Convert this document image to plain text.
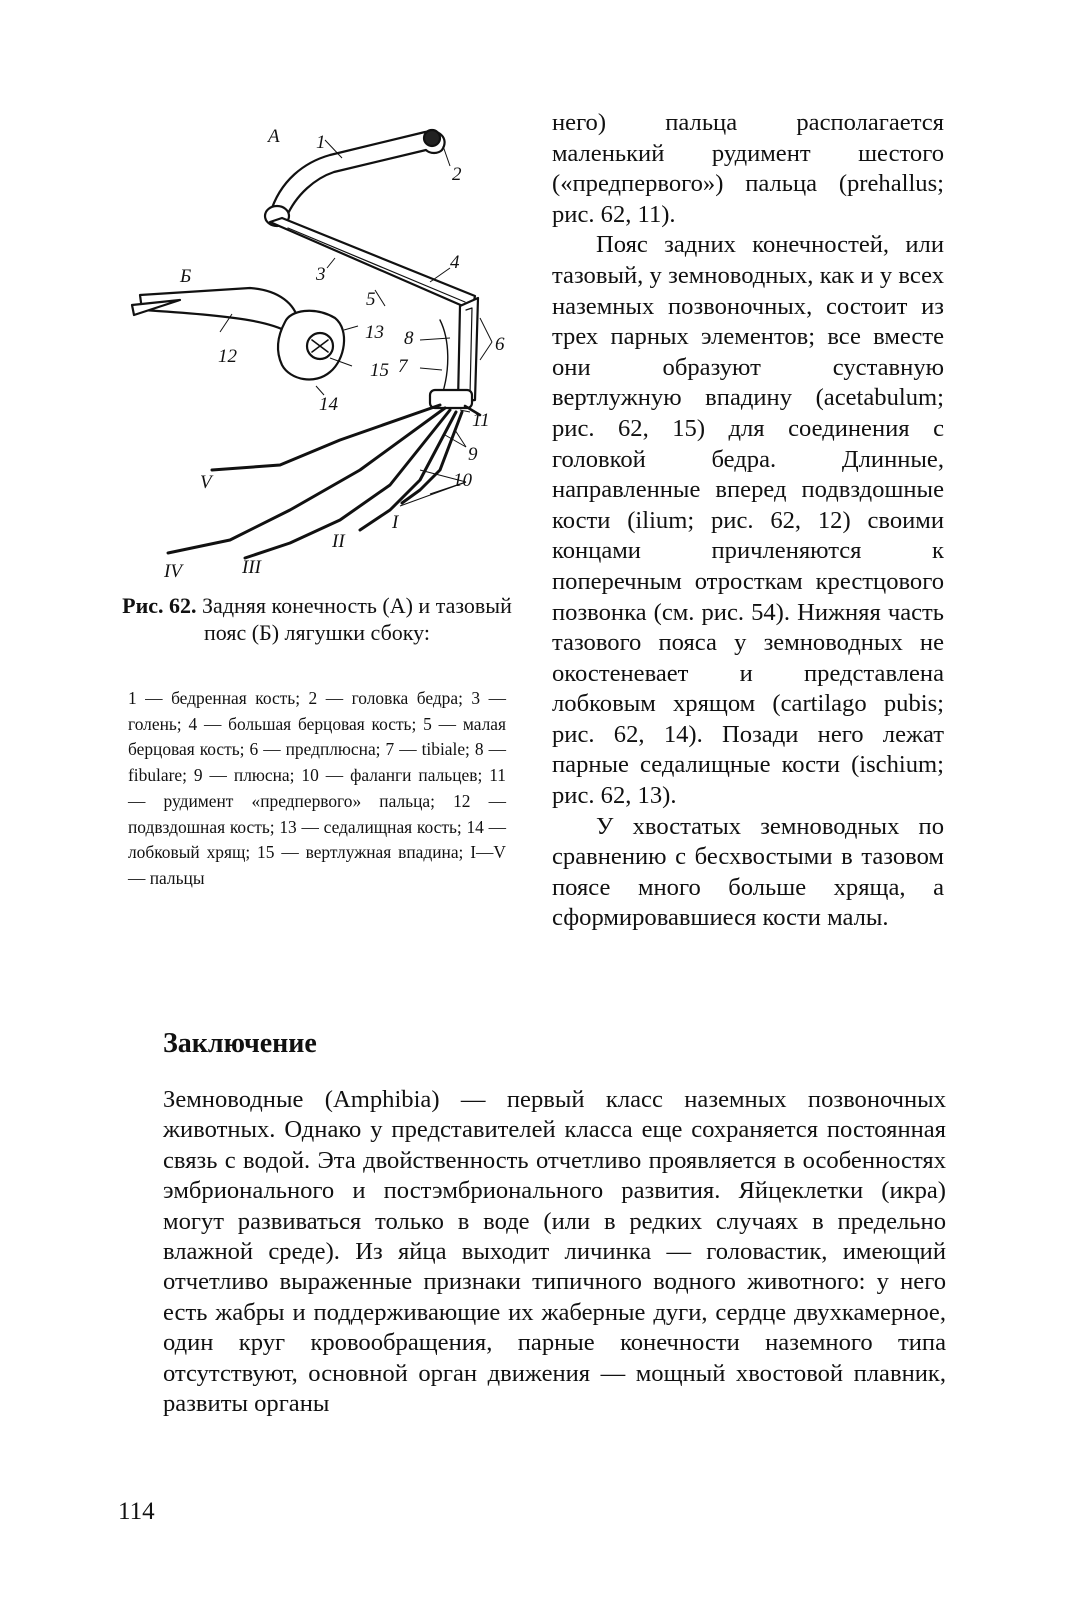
А 1
2
3
4
5
6
7
8
9
10
11
12
13
14
15
Б
I
II
III
IV
V
Рис. 62. Задняя конечность (А) и тазовый пояс (Б) лягушки сбоку:
1 — бедренная кость; 2 — головка бедра; 3 — голень; 4 — большая берцовая кость; 5 — малая берцовая кость; 6 — предплюсна; 7 — tibiale; 8 — fibulare; 9 — плюсна; 10 — фаланги пальцев; 11 — рудимент «предпервого» пальца; 12 — подвздошная кость; 13 — седалищная кость; 14 — лобковый хрящ; 15 — вертлужная впадина; I—V— пальцы

него) пальца располагается маленький рудимент шестого («предпервого») пальца (prehallus; рис. 62, 11).

Пояс задних конечностей, или тазовый, у земноводных, как и у всех наземных позвоночных, состоит из трех парных элементов; все вместе они образуют суставную вертлужную впадину (acetabulum; рис. 62, 15) для соединения с головкой бедра. Длинные, направленные вперед подвздошные кости (ilium; рис. 62, 12) своими концами причленяются к поперечным отросткам крестцового позвонка (см. рис. 54). Нижняя часть тазового пояса у земноводных не окостеневает и представлена лобковым хрящом (cartilago pubis; рис. 62, 14). Позади него лежат парные седалищные кости (ischium; рис. 62, 13).

У хвостатых земноводных по сравнению с бесхвостыми в тазовом поясе много больше хряща, а сформировавшиеся кости малы.

Заключение
Земноводные (Amphibia) — первый класс наземных позвоночных животных. Однако у представителей класса еще сохраняется постоянная связь с водой. Эта двойственность отчетливо проявляется в особенностях эмбрионального и постэмбрионального развития. Яйцеклетки (икра) могут развиваться только в воде (или в редких случаях в предельно влажной среде). Из яйца выходит личинка — головастик, имеющий отчетливо выраженные признаки типичного водного животного: у него есть жабры и поддерживающие их жаберные дуги, сердце двухкамерное, один круг кровообращения, парные конечности наземного типа отсутствуют, основной орган движения — мощный хвостовой плавник, развиты органы
114
